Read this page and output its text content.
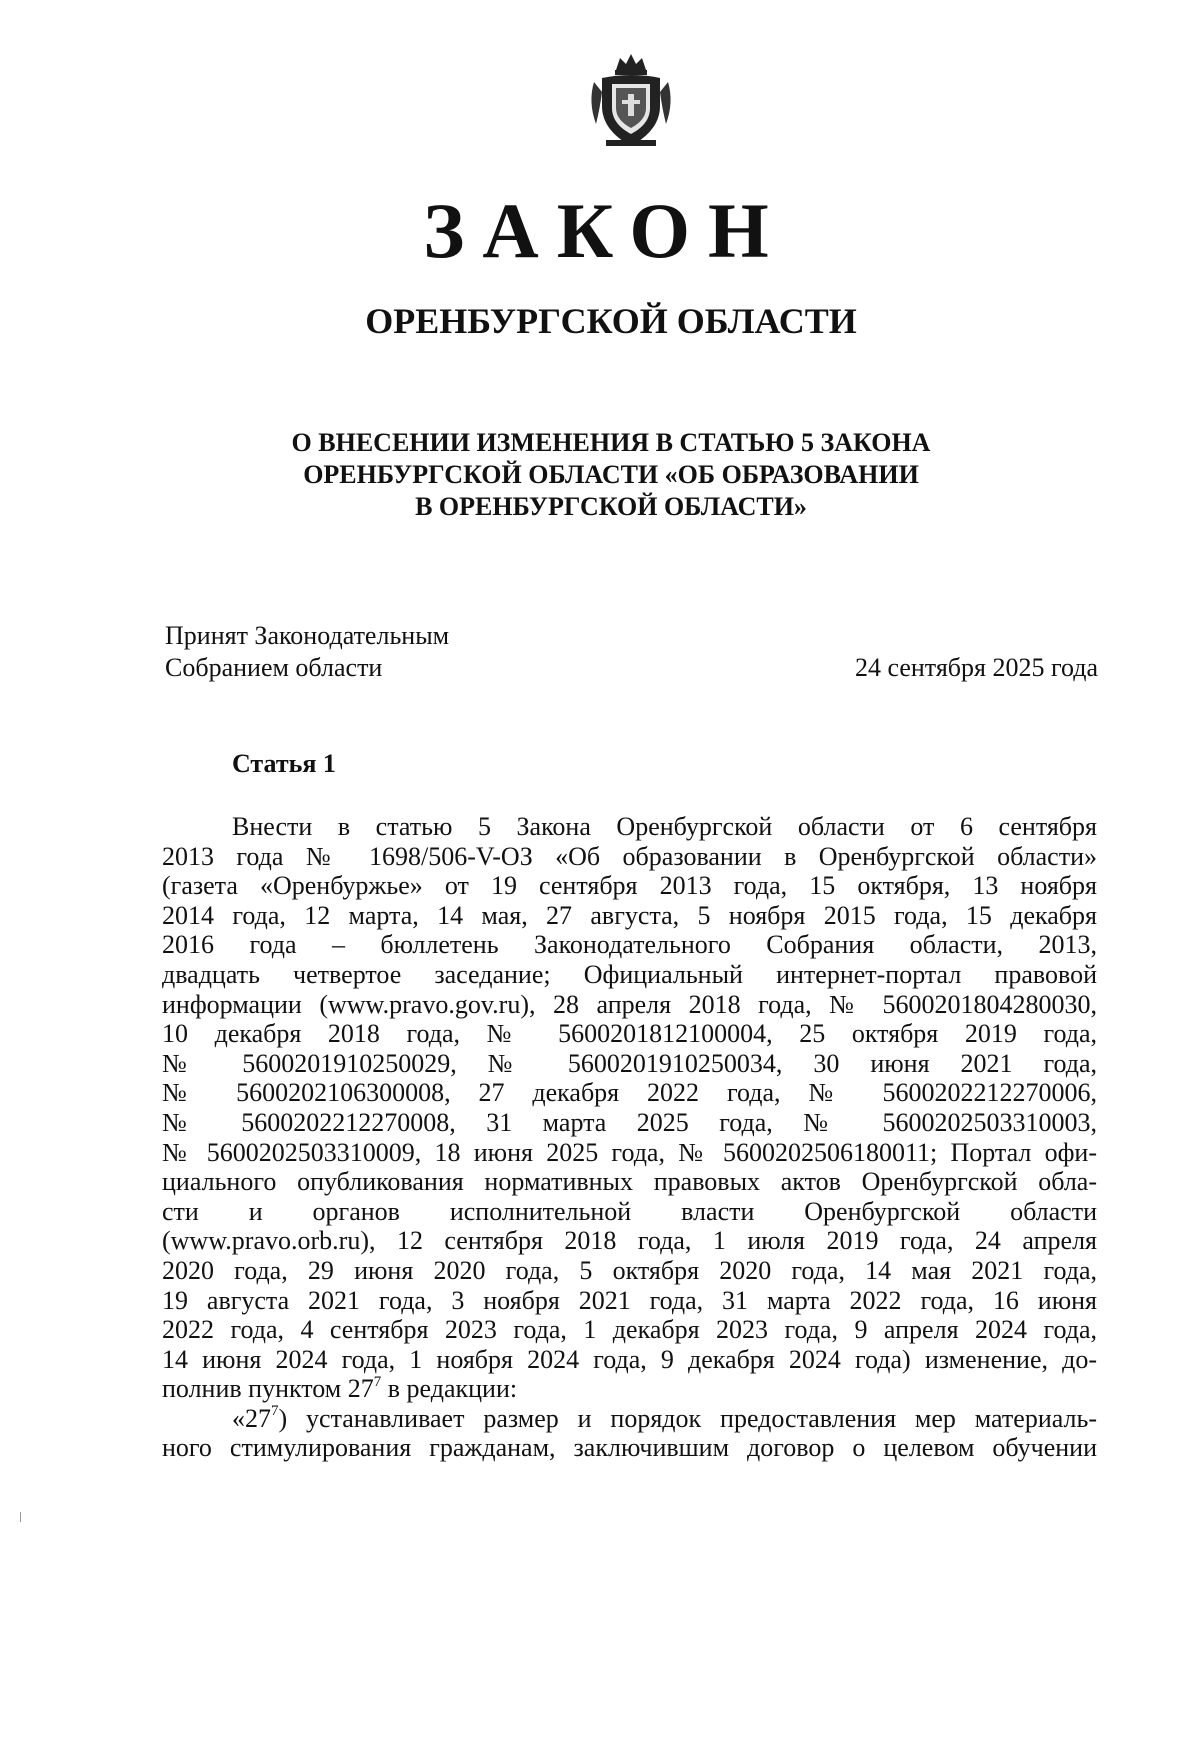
ЗАКОН
ОРЕНБУРГСКОЙ ОБЛАСТИ
О ВНЕСЕНИИ ИЗМЕНЕНИЯ В СТАТЬЮ 5 ЗАКОНА
ОРЕНБУРГСКОЙ ОБЛАСТИ «ОБ ОБРАЗОВАНИИ
В ОРЕНБУРГСКОЙ ОБЛАСТИ»
Принят Законодательным
Собранием области	24 сентября 2025 года
Статья 1
Внести в статью 5 Закона Оренбургской области от 6 сентября
2013 года № 1698/506-V-ОЗ «Об образовании в Оренбургской области»
(газета «Оренбуржье» от 19 сентября 2013 года, 15 октября, 13 ноября
2014 года, 12 марта, 14 мая, 27 августа, 5 ноября 2015 года, 15 декабря
2016 года – бюллетень Законодательного Собрания области, 2013,
двадцать четвертое заседание; Официальный интернет-портал правовой
информации (www.pravo.gov.ru), 28 апреля 2018 года, № 5600201804280030,
10 декабря 2018 года, № 5600201812100004, 25 октября 2019 года,
№ 5600201910250029, № 5600201910250034, 30 июня 2021 года,
№ 5600202106300008, 27 декабря 2022 года, № 5600202212270006,
№ 5600202212270008, 31 марта 2025 года, № 5600202503310003,
№ 5600202503310009, 18 июня 2025 года, № 5600202506180011; Портал офи-
циального опубликования нормативных правовых актов Оренбургской обла-
сти и органов исполнительной власти Оренбургской области
(www.pravo.orb.ru), 12 сентября 2018 года, 1 июля 2019 года, 24 апреля
2020 года, 29 июня 2020 года, 5 октября 2020 года, 14 мая 2021 года,
19 августа 2021 года, 3 ноября 2021 года, 31 марта 2022 года, 16 июня
2022 года, 4 сентября 2023 года, 1 декабря 2023 года, 9 апреля 2024 года,
14 июня 2024 года, 1 ноября 2024 года, 9 декабря 2024 года) изменение, до-
полнив пунктом $27^7$ в редакции:
«$27^7$) устанавливает размер и порядок предоставления мер материаль-
ного стимулирования гражданам, заключившим договор о целевом обучении
